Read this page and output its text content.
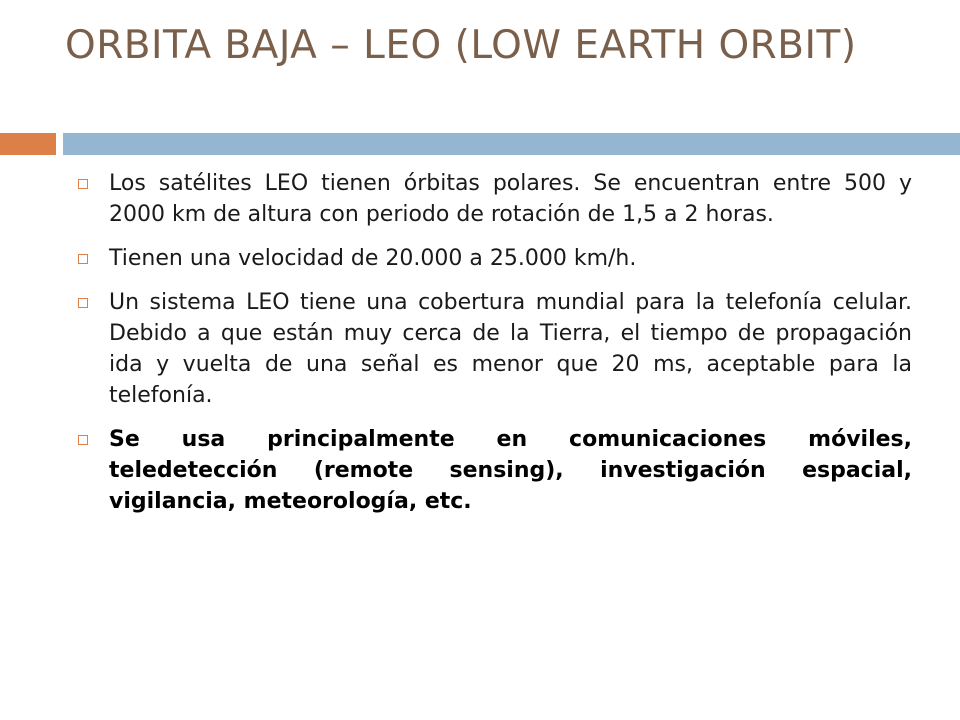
ORBITA BAJA – LEO (LOW EARTH ORBIT)
Los satélites LEO tienen órbitas polares. Se encuentran entre 500 y 2000 km de altura con periodo de rotación de 1,5 a 2 horas.
Tienen una velocidad de 20.000 a 25.000 km/h.
Un sistema LEO tiene una cobertura mundial para la telefonía celular. Debido a que están muy cerca de la Tierra, el tiempo de propagación ida y vuelta de una señal es menor que 20 ms, aceptable para la telefonía.
Se usa principalmente en comunicaciones móviles, teledetección (remote sensing), investigación espacial, vigilancia, meteorología, etc.
